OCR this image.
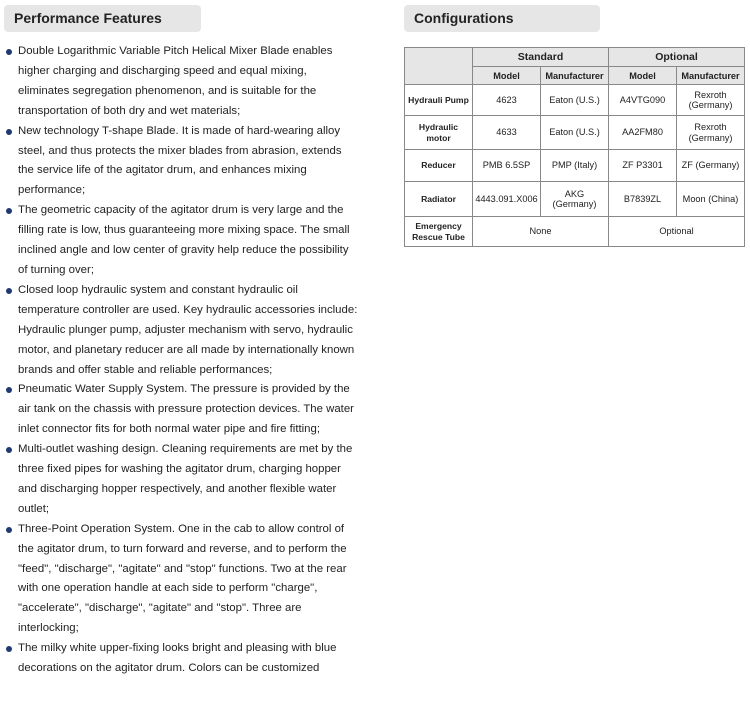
Performance Features
Double Logarithmic Variable Pitch Helical Mixer Blade enables higher charging and discharging speed and equal mixing, eliminates segregation phenomenon, and is suitable for the transportation of both dry and wet materials;
New technology T-shape Blade. It is made of hard-wearing alloy steel, and thus protects the mixer blades from abrasion, extends the service life of the agitator drum, and enhances mixing performance;
The geometric capacity of the agitator drum is very large and the filling rate is low, thus guaranteeing more mixing space. The small inclined angle and low center of gravity help reduce the possibility of turning over;
Closed loop hydraulic system and constant hydraulic oil temperature controller are used. Key hydraulic accessories include: Hydraulic plunger pump, adjuster mechanism with servo, hydraulic motor, and planetary reducer are all made by internationally known brands and offer stable and reliable performances;
Pneumatic Water Supply System. The pressure is provided by the air tank on the chassis with pressure protection devices. The water inlet connector fits for both normal water pipe and fire fitting;
Multi-outlet washing design. Cleaning requirements are met by the three fixed pipes for washing the agitator drum, charging hopper and discharging hopper respectively, and another flexible water outlet;
Three-Point Operation System. One in the cab to allow control of the agitator drum, to turn forward and reverse, and to perform the "feed", "discharge", "agitate" and "stop" functions. Two at the rear with one operation handle at each side to perform "charge", "accelerate", "discharge", "agitate" and "stop". Three are interlocking;
The milky white upper-fixing looks bright and pleasing with blue decorations on the agitator drum. Colors can be customized
Configurations
	Standard		Optional	
	Model	Manufacturer	Model	Manufacturer
Hydrauli Pump	4623	Eaton (U.S.)	A4VTG090	Rexroth (Germany)
Hydraulic motor	4633	Eaton (U.S.)	AA2FM80	Rexroth (Germany)
Reducer	PMB 6.5SP	PMP (Italy)	ZF P3301	ZF (Germany)
Radiator	4443.091.X006	AKG (Germany)	B7839ZL	Moon (China)
Emergency Rescue Tube	None		Optional	
